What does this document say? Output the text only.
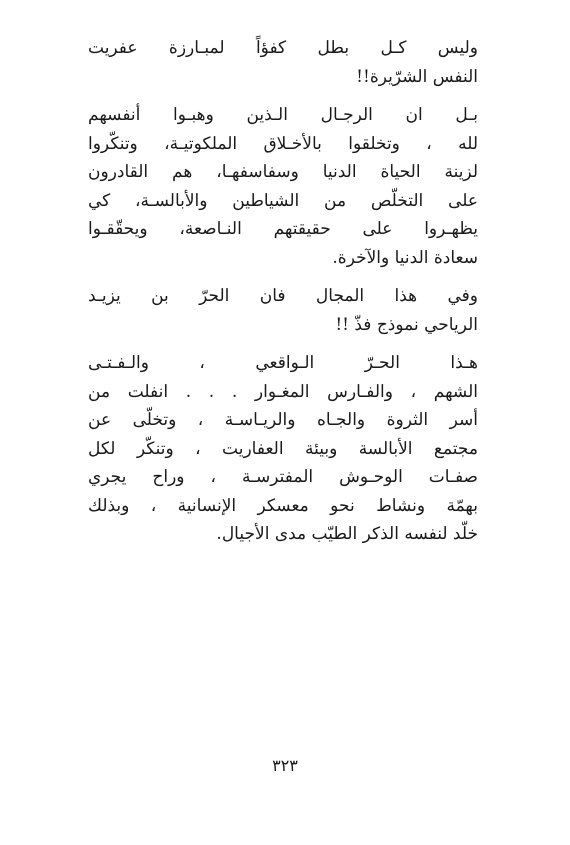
وليس كـل بطل كفؤاً لمبـارزة عفريت
النفس الشرّيرة!!
بـل ان الرجـال الـذين وهبـوا أنفسهم
لله ، وتخلقوا بالأخـلاق الملكوتيـة، وتنكّروا
لزينة الحياة الدنيا وسفاسفهـا، هم القادرون
على التخلّص من الشياطين والأبالسـة، كي
يظهـروا على حقيقتهم النـاصعة، ويحقّقـوا
سعادة الدنيا والآخرة.
وفي هذا المجال فان الحرّ بن يزيـد
الرياحي نموذج فذّ !!
هـذا الحـرّ الـواقعي ، والـفـتـى
الشهم ، والفـارس المغـوار . . . انفلت من
أسر الثروة والجـاه والريـاسـة ، وتخلّى عن
مجتمع الأبالسة وبيئة العفاريت ، وتنكّر لكل
صفـات الوحـوش المفترسـة ، وراح يجري
بهمّة ونشاط نحو معسكر الإنسانية ، وبذلك
خلّد لنفسه الذكر الطيّب مدى الأجيال.
٣٢٣
